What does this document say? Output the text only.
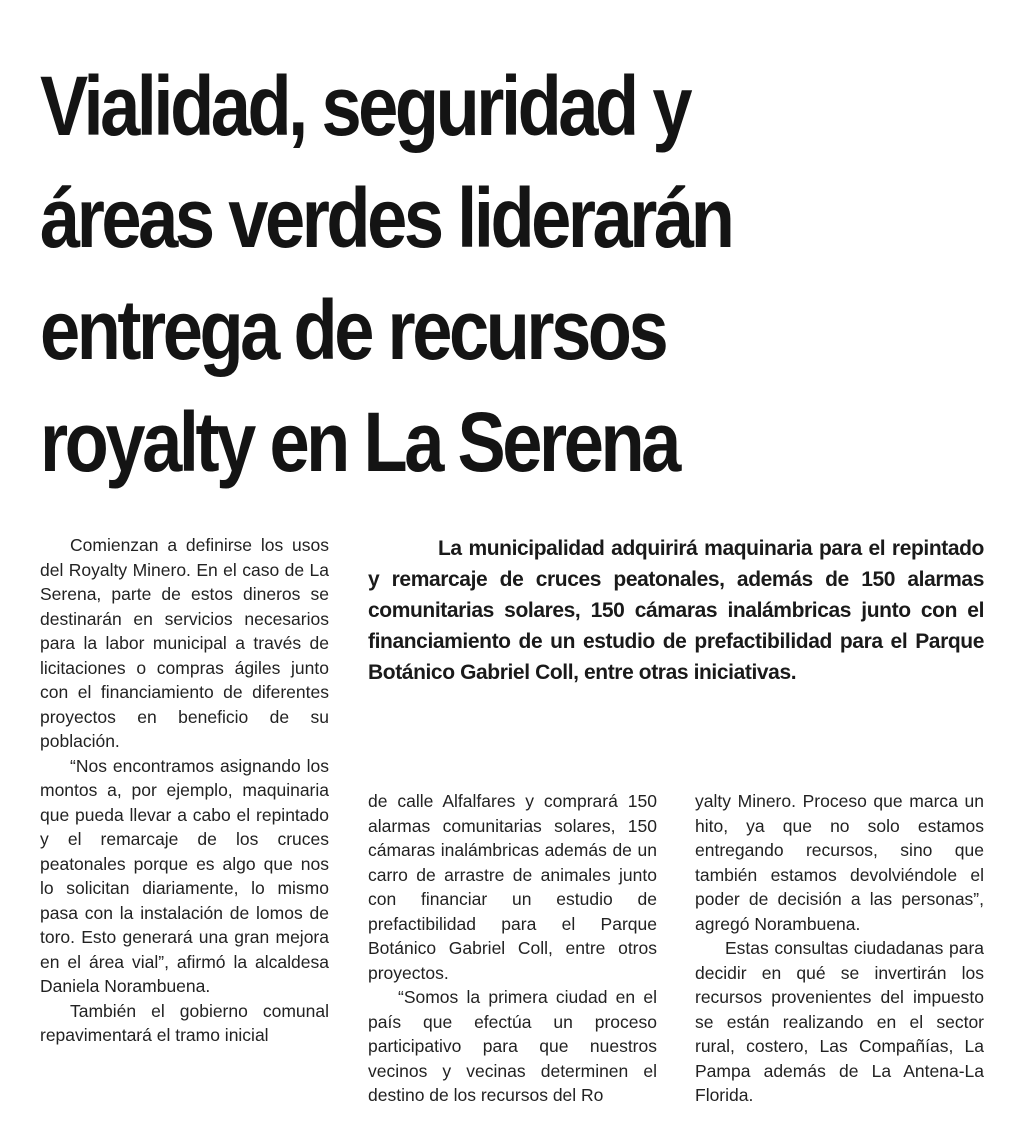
Vialidad, seguridad y
áreas verdes liderarán
entrega de recursos
royalty en La Serena

Comienzan a definirse los usos del Royalty Minero. En el caso de La Serena, parte de estos dineros se destinarán en servicios necesarios para la labor municipal a través de licitaciones o compras ágiles junto con el financiamiento de diferentes proyectos en beneficio de su población.

“Nos encontramos asignando los montos a, por ejemplo, maquinaria que pueda llevar a cabo el repintado y el remarcaje de los cruces peatonales porque es algo que nos lo solicitan diariamente, lo mismo pasa con la instalación de lomos de toro. Esto generará una gran mejora en el área vial”, afirmó la alcaldesa Daniela Norambuena.

También el gobierno comunal repavimentará el tramo inicial

La municipalidad adquirirá maquinaria para el repintado y remarcaje de cruces peatonales, además de 150 alarmas comunitarias solares, 150 cámaras inalámbricas junto con el financiamiento de un estudio de prefactibilidad para el Parque Botánico Gabriel Coll, entre otras iniciativas.

de calle Alfalfares y comprará 150 alarmas comunitarias solares, 150 cámaras inalámbricas además de un carro de arrastre de animales junto con financiar un estudio de prefactibilidad para el Parque Botánico Gabriel Coll, entre otros proyectos.

“Somos la primera ciudad en el país que efectúa un proceso participativo para que nuestros vecinos y vecinas determinen el destino de los recursos del Ro

yalty Minero. Proceso que marca un hito, ya que no solo estamos entregando recursos, sino que también estamos devolviéndole el poder de decisión a las personas”, agregó Norambuena.

Estas consultas ciudadanas para decidir en qué se invertirán los recursos provenientes del impuesto se están realizando en el sector rural, costero, Las Compañías, La Pampa además de La Antena-La Florida.
